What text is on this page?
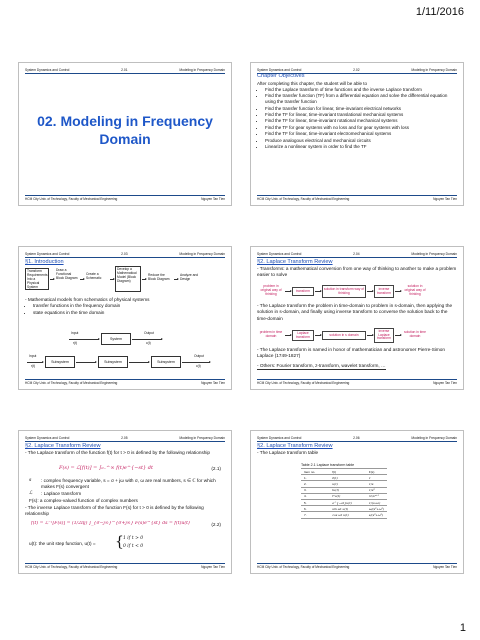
1/11/2016
System Dynamics and Control	2.01	Modeling in Frequency Domain
02. Modeling in Frequency
Domain
HCM City Univ. of Technology, Faculty of Mechanical Engineering	Nguyen Tan Tien
System Dynamics and Control	2.02	Modeling in Frequency Domain
Chapter Objectives
After completing this chapter, the student will be able to
• Find the Laplace transform of time functions and the inverse Laplace transform
• Find the transfer function (TF) from a differential equation and solve the differential equation using the transfer function
• Find the transfer function for linear, time-invariant electrical networks
• Find the TF for linear, time-invariant translational mechanical systems
• Find the TF for linear, time-invariant rotational mechanical systems
• Find the TF for gear systems with no loss and for gear systems with loss
• Find the TF for linear, time-invariant electromechanical systems
• Produce analogous electrical and mechanical circuits
• Linearize a nonlinear system in order to find the TF
HCM City Univ. of Technology, Faculty of Mechanical Engineering	Nguyen Tan Tien
System Dynamics and Control	2.03	Modeling in Frequency Domain
§1. Introduction
Transform Requirements Into a Physical System
Draw a Functional Block Diagram
Create a Schematic
Develop a Mathematical Model (Block Diagram)
Reduce the Block Diagram
Analyze and Design
- Mathematical models from schematics of physical systems
• transfer functions in the frequency domain
• state equations in the time domain
Input
r(t)
System
Output
c(t)
Input
r(t)
Subsystem	Subsystem	Subsystem
Output
c(t)
HCM City Univ. of Technology, Faculty of Mechanical Engineering	Nguyen Tan Tien
System Dynamics and Control	2.04	Modeling in Frequency Domain
§2. Laplace Transform Review
- Transforms: a mathematical conversion from one way of thinking to another to make a problem easier to solve
problem in original way of thinking
transform	solution in transform way of thinking
inverse transform
solution in original way of thinking
- The Laplace transform the problem in time-domain to problem in s-domain, then applying the solution in s-domain, and finally using inverse transform to converse the solution back to the time-domain
problem in time domain
Laplace transform	solution in s domain
inverse Laplace transform
solution in time domain
- The Laplace transform is named in honor of mathematician and astronomer Pierre-Simon Laplace (1749-1827)
- Others: Fourier transform, z-transform, wavelet transform, …
HCM City Univ. of Technology, Faculty of Mechanical Engineering	Nguyen Tan Tien
System Dynamics and Control	2.05	Modeling in Frequency Domain
§2. Laplace Transform Review
- The Laplace transform of the function f(t) for t > 0 is defined by the following relationship
F(s) = ℒ[f(t)] = ∫₀₋^∞ f(t)e^{−st} dt	(2.1)
s : complex frequency variable, s = σ + jω with σ, ω are real numbers, s ∈ ℂ for which makes F(s) convergent
ℒ : Laplace transform
F(s): a complex-valued function of complex numbers
- The inverse Laplace transform of the function F(s) for t > 0 is defined by the following relationship
f(t) = ℒ⁻¹[F(s)] = (1/2πj) ∫_{σ−j∞}^{σ+j∞} F(s)e^{st} ds = f(t)u(t)	(2.2)
u(t): the unit step function, u(t) = { 1 if t > 0
0 if t < 0
HCM City Univ. of Technology, Faculty of Mechanical Engineering	Nguyen Tan Tien
System Dynamics and Control	2.06	Modeling in Frequency Domain
§2. Laplace Transform Review
- The Laplace transform table
Table 2.1 Laplace transform table
Item no.	f(t)	F(s)
1.	δ(t)	1
2.	u(t)	1/s
3.	tu(t)	1/s²
4.	tⁿu(t)	n!/sⁿ⁺¹
5.	e^{−at}u(t)	1/(s+a)
6.	sin ωt u(t)	ω/(s²+ω²)
7.	cos ωt u(t)	s/(s²+ω²)
HCM City Univ. of Technology, Faculty of Mechanical Engineering	Nguyen Tan Tien
1
